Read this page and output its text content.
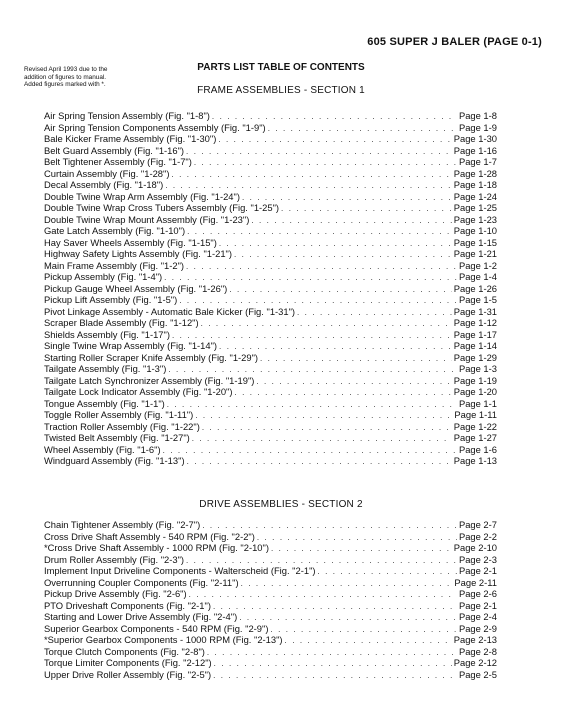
605 SUPER J BALER (PAGE 0-1)
Revised April 1993 due to the
addition of figures to manual.
Added figures marked with *.
PARTS LIST TABLE OF CONTENTS
FRAME ASSEMBLIES - SECTION 1
Air Spring Tension Assembly (Fig. "1-8") . . .	Page 1-8
Air Spring Tension Components Assembly (Fig. "1-9") . . .	Page 1-9
Bale Kicker Frame Assembly (Fig. "1-30") . . .	Page 1-30
Belt Guard Assembly (Fig. "1-16") . . .	Page 1-16
Belt Tightener Assembly (Fig. "1-7") . . .	Page 1-7
Curtain Assembly (Fig. "1-28") . . .	Page 1-28
Decal Assembly (Fig. "1-18") . . .	Page 1-18
Double Twine Wrap Arm Assembly (Fig. "1-24") . . .	Page 1-24
Double Twine Wrap Cross Tubers Assembly (Fig. "1-25") . . .	Page 1-25
Double Twine Wrap Mount Assembly (Fig. "1-23") . . .	Page 1-23
Gate Latch Assembly (Fig. "1-10") . . .	Page 1-10
Hay Saver Wheels Assembly (Fig. "1-15") . . .	Page 1-15
Highway Safety Lights Assembly (Fig. "1-21") . . .	Page 1-21
Main Frame Assembly (Fig. "1-2") . . .	Page 1-2
Pickup Assembly (Fig. "1-4") . . .	Page 1-4
Pickup Gauge Wheel Assembly (Fig. "1-26") . . .	Page 1-26
Pickup Lift Assembly (Fig. "1-5") . . .	Page 1-5
Pivot Linkage Assembly - Automatic Bale Kicker (Fig. "1-31") . . .	Page 1-31
Scraper Blade Assembly (Fig. "1-12") . . .	Page 1-12
Shields Assembly (Fig. "1-17") . . .	Page 1-17
Single Twine Wrap Assembly (Fig. "1-14") . . .	Page 1-14
Starting Roller Scraper Knife Assembly (Fig. "1-29") . . .	Page 1-29
Tailgate Assembly (Fig. "1-3") . . .	Page 1-3
Tailgate Latch Synchronizer Assembly (Fig. "1-19") . . .	Page 1-19
Tailgate Lock Indicator Assembly (Fig. "1-20") . . .	Page 1-20
Tongue Assembly (Fig. "1-1") . . .	Page 1-1
Toggle Roller Assembly (Fig. "1-11") . . .	Page 1-11
Traction Roller Assembly (Fig. "1-22") . . .	Page 1-22
Twisted Belt Assembly (Fig. "1-27") . . .	Page 1-27
Wheel Assembly (Fig. "1-6") . . .	Page 1-6
Windguard Assembly (Fig. "1-13") . . .	Page 1-13
DRIVE ASSEMBLIES - SECTION 2
Chain Tightener Assembly (Fig. "2-7") . . .	Page 2-7
Cross Drive Shaft Assembly - 540 RPM (Fig. "2-2") . . .	Page 2-2
*Cross Drive Shaft Assembly - 1000 RPM (Fig. "2-10") . . .	Page 2-10
Drum Roller Assembly (Fig. "2-3") . . .	Page 2-3
Implement Input Driveline Components - Walterscheid (Fig. "2-1") . . .	Page 2-1
Overrunning Coupler Components (Fig. "2-11") . . .	Page 2-11
Pickup Drive Assembly (Fig. "2-6") . . .	Page 2-6
PTO Driveshaft Components (Fig. "2-1") . . .	Page 2-1
Starting and Lower Drive Assembly (Fig. "2-4") . . .	Page 2-4
Superior Gearbox Components - 540 RPM (Fig. "2-9") . . .	Page 2-9
*Superior Gearbox Components - 1000 RPM (Fig. "2-13") . . .	Page 2-13
Torque Clutch Components (Fig. "2-8") . . .	Page 2-8
Torque Limiter Components (Fig. "2-12") . . .	Page 2-12
Upper Drive Roller Assembly (Fig. "2-5") . . .	Page 2-5
